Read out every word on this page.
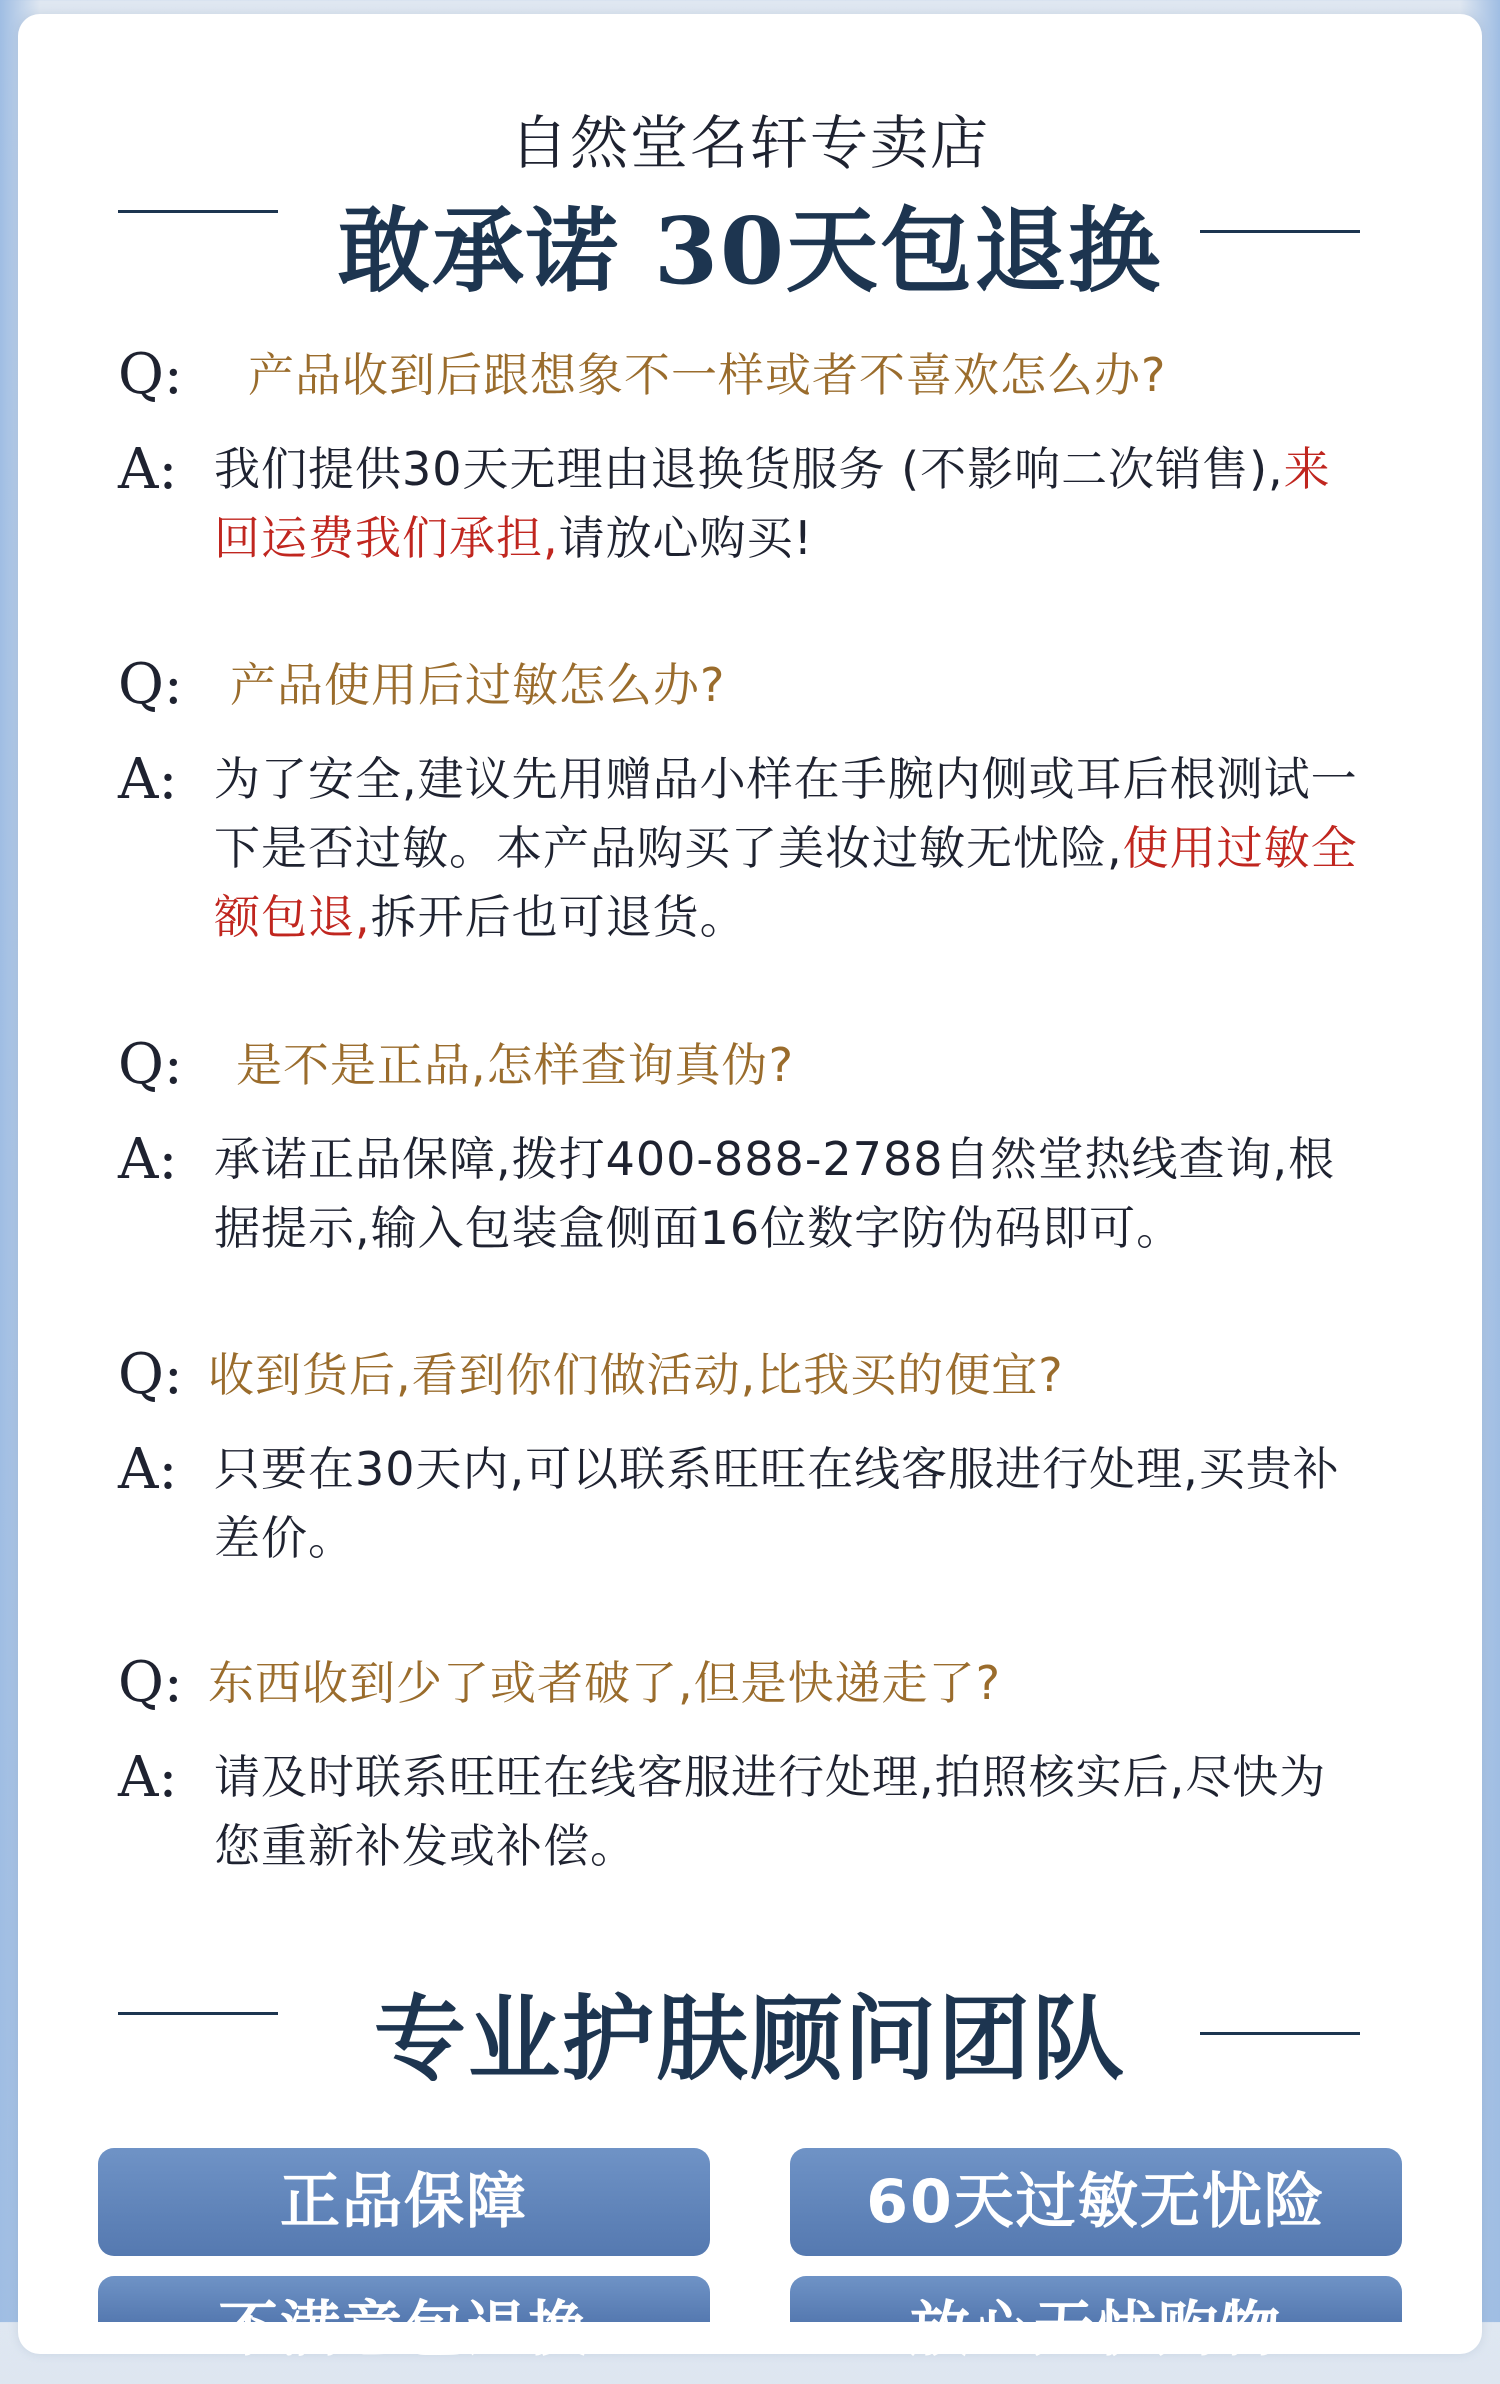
自然堂名轩专卖店
敢承诺 30天包退换
Q: 产品收到后跟想象不一样或者不喜欢怎么办?
A: 我们提供30天无理由退换货服务 (不影响二次销售),来回运费我们承担,请放心购买!
Q: 产品使用后过敏怎么办?
A: 为了安全,建议先用赠品小样在手腕内侧或耳后根测试一下是否过敏。本产品购买了美妆过敏无忧险,使用过敏全额包退,拆开后也可退货。
Q: 是不是正品,怎样查询真伪?
A: 承诺正品保障,拨打400-888-2788自然堂热线查询,根据提示,输入包装盒侧面16位数字防伪码即可。
Q: 收到货后,看到你们做活动,比我买的便宜?
A: 只要在30天内,可以联系旺旺在线客服进行处理,买贵补差价。
Q: 东西收到少了或者破了,但是快递走了?
A: 请及时联系旺旺在线客服进行处理,拍照核实后,尽快为您重新补发或补偿。
专业护肤顾问团队
正品保障	60天过敏无忧险
